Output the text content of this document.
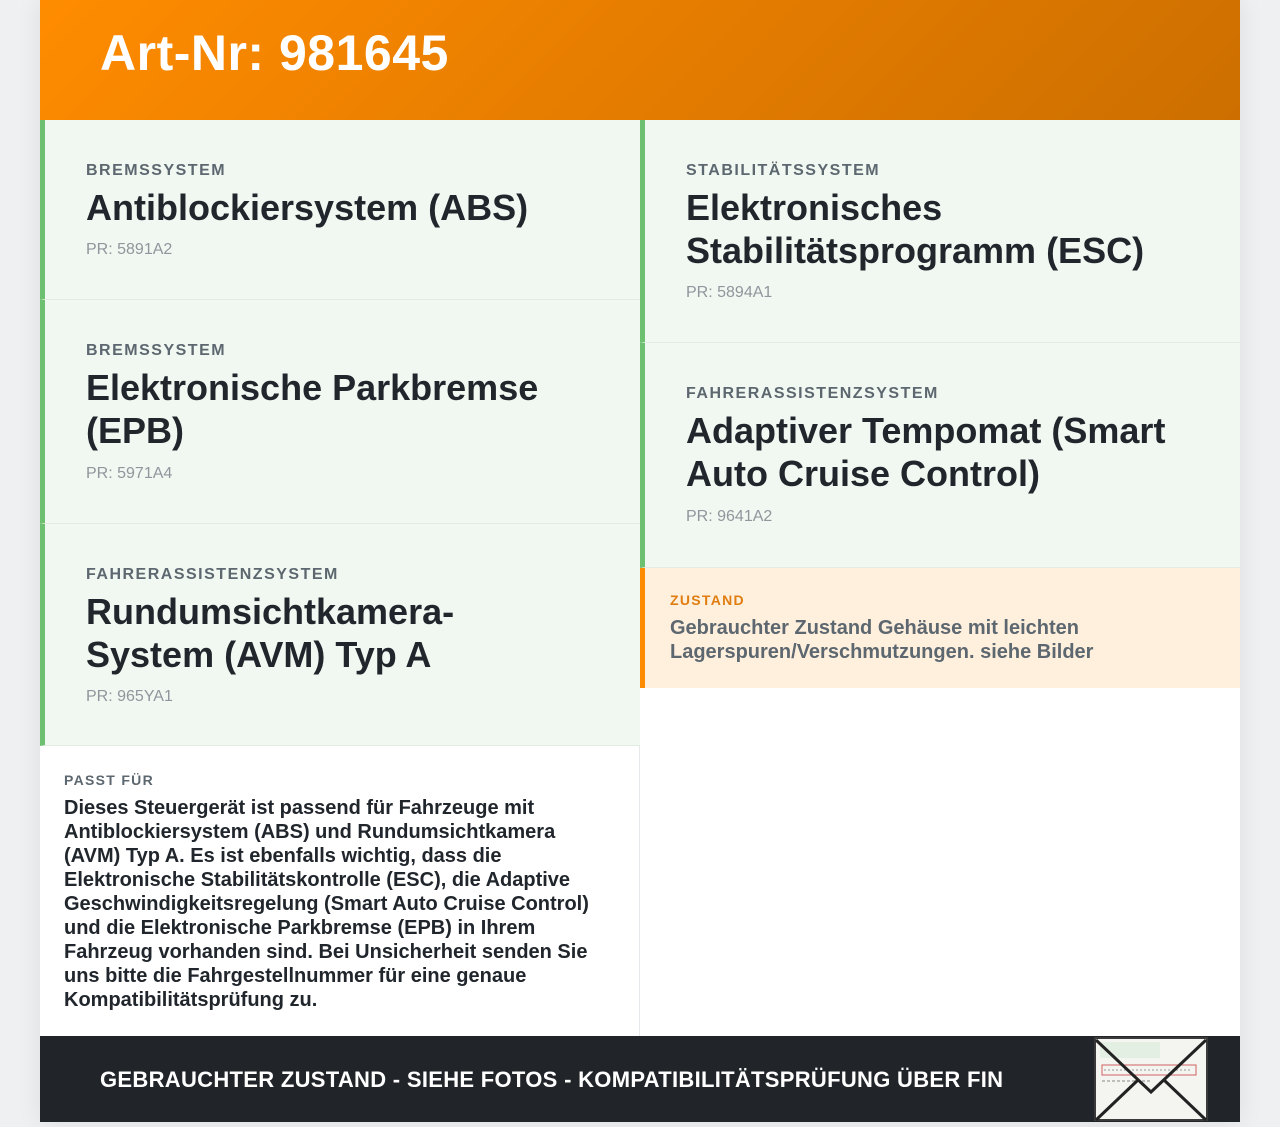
Art-Nr: 981645
BREMSSYSTEM
Antiblockiersystem (ABS)
PR: 5891A2
BREMSSYSTEM
Elektronische Parkbremse (EPB)
PR: 5971A4
FAHRERASSISTENZSYSTEM
Rundumsichtkamera-System (AVM) Typ A
PR: 965YA1
PASST FÜR
Dieses Steuergerät ist passend für Fahrzeuge mit Antiblockiersystem (ABS) und Rundumsichtkamera (AVM) Typ A. Es ist ebenfalls wichtig, dass die Elektronische Stabilitätskontrolle (ESC), die Adaptive Geschwindigkeitsregelung (Smart Auto Cruise Control) und die Elektronische Parkbremse (EPB) in Ihrem Fahrzeug vorhanden sind. Bei Unsicherheit senden Sie uns bitte die Fahrgestellnummer für eine genaue Kompatibilitätsprüfung zu.
STABILITÄTSSYSTEM
Elektronisches Stabilitätsprogramm (ESC)
PR: 5894A1
FAHRERASSISTENZSYSTEM
Adaptiver Tempomat (Smart Auto Cruise Control)
PR: 9641A2
ZUSTAND
Gebrauchter Zustand Gehäuse mit leichten Lagerspuren/Verschmutzungen. siehe Bilder
GEBRAUCHTER ZUSTAND - SIEHE FOTOS - KOMPATIBILITÄTSPRÜFUNG ÜBER FIN
